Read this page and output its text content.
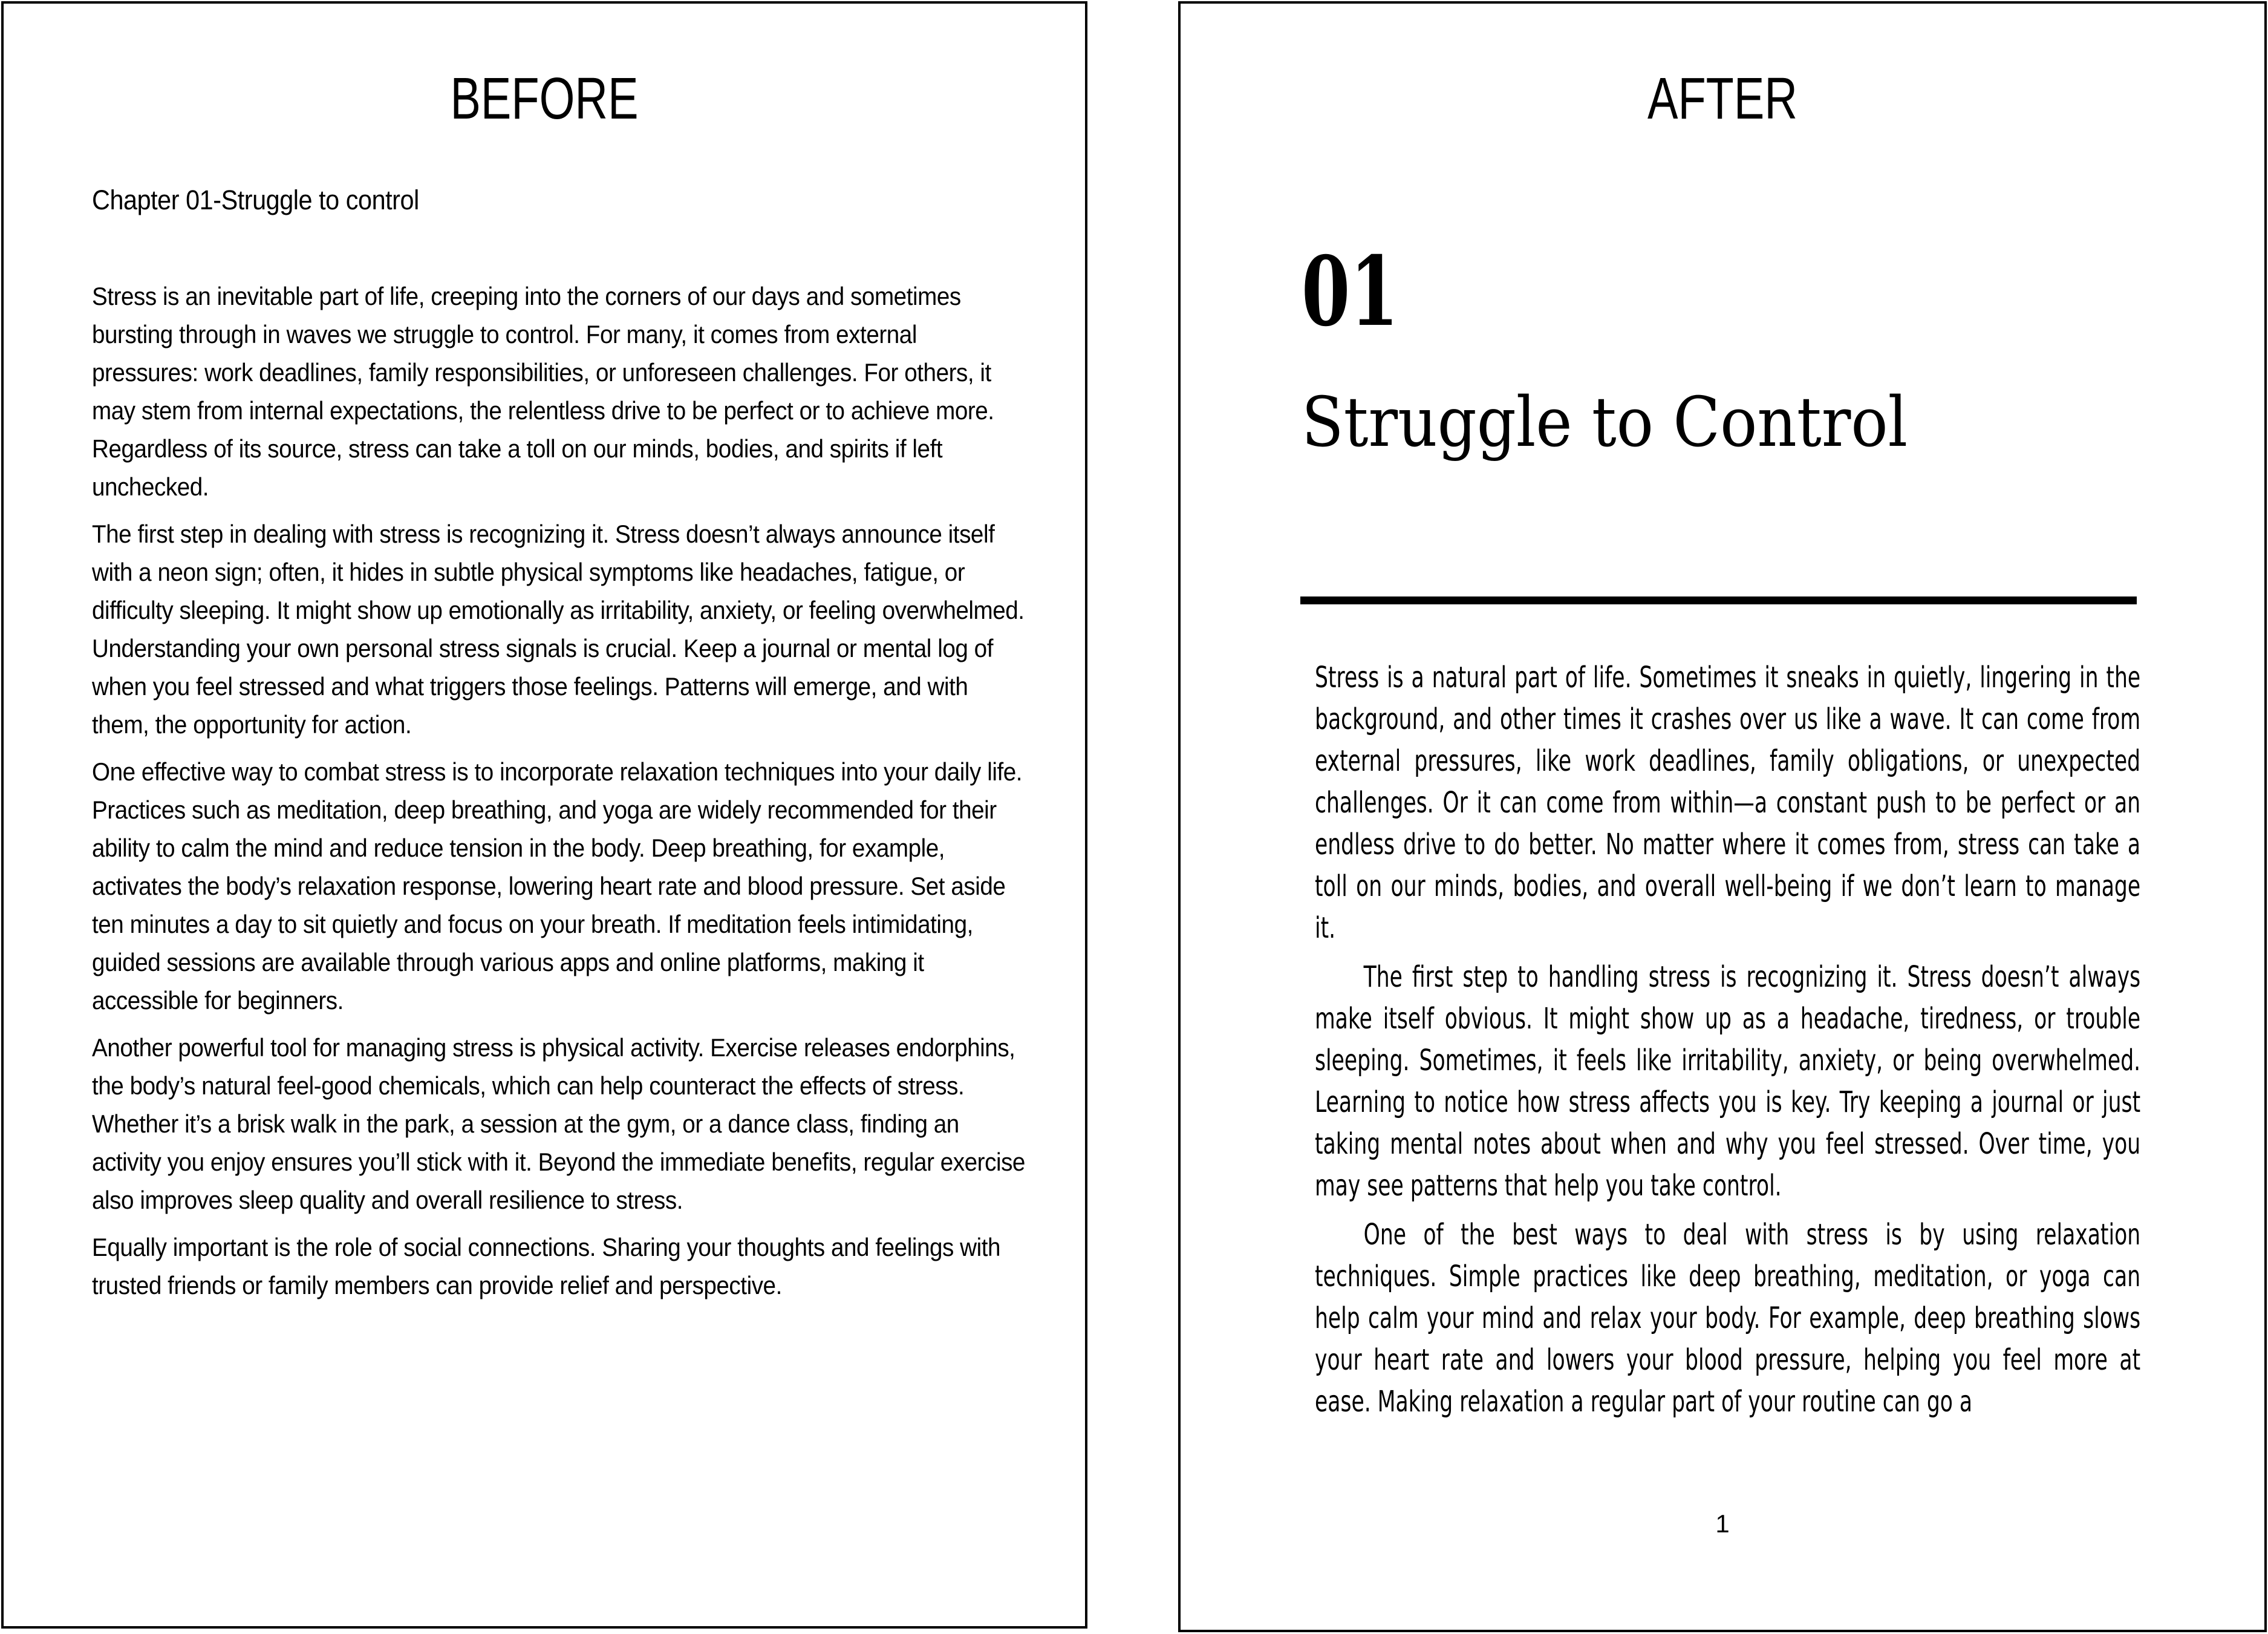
BEFORE
Chapter 01-Struggle to control

Stress is an inevitable part of life, creeping into the corners of our days and sometimes bursting through in waves we struggle to control. For many, it comes from external pressures: work deadlines, family responsibilities, or unforeseen challenges. For others, it may stem from internal expectations, the relentless drive to be perfect or to achieve more. Regardless of its source, stress can take a toll on our minds, bodies, and spirits if left unchecked.

The first step in dealing with stress is recognizing it. Stress doesn’t always announce itself with a neon sign; often, it hides in subtle physical symptoms like headaches, fatigue, or difficulty sleeping. It might show up emotionally as irritability, anxiety, or feeling overwhelmed. Understanding your own personal stress signals is crucial. Keep a journal or mental log of when you feel stressed and what triggers those feelings. Patterns will emerge, and with them, the opportunity for action.

One effective way to combat stress is to incorporate relaxation techniques into your daily life. Practices such as meditation, deep breathing, and yoga are widely recommended for their ability to calm the mind and reduce tension in the body. Deep breathing, for example, activates the body’s relaxation response, lowering heart rate and blood pressure. Set aside ten minutes a day to sit quietly and focus on your breath. If meditation feels intimidating, guided sessions are available through various apps and online platforms, making it accessible for beginners.

Another powerful tool for managing stress is physical activity. Exercise releases endorphins, the body’s natural feel-good chemicals, which can help counteract the effects of stress. Whether it’s a brisk walk in the park, a session at the gym, or a dance class, finding an activity you enjoy ensures you’ll stick with it. Beyond the immediate benefits, regular exercise also improves sleep quality and overall resilience to stress.

Equally important is the role of social connections. Sharing your thoughts and feelings with trusted friends or family members can provide relief and perspective.

AFTER
01
Struggle to Control

Stress is a natural part of life. Sometimes it sneaks in quietly, lingering in the background, and other times it crashes over us like a wave. It can come from external pressures, like work deadlines, family obligations, or unexpected challenges. Or it can come from within—a constant push to be perfect or an endless drive to do better. No matter where it comes from, stress can take a toll on our minds, bodies, and overall well-being if we don’t learn to manage it.

The first step to handling stress is recognizing it. Stress doesn’t always make itself obvious. It might show up as a headache, tiredness, or trouble sleeping. Sometimes, it feels like irritability, anxiety, or being overwhelmed. Learning to notice how stress affects you is key. Try keeping a journal or just taking mental notes about when and why you feel stressed. Over time, you may see patterns that help you take control.

One of the best ways to deal with stress is by using relaxation techniques. Simple practices like deep breathing, meditation, or yoga can help calm your mind and relax your body. For example, deep breathing slows your heart rate and lowers your blood pressure, helping you feel more at ease. Making relaxation a regular part of your routine can go a

1
